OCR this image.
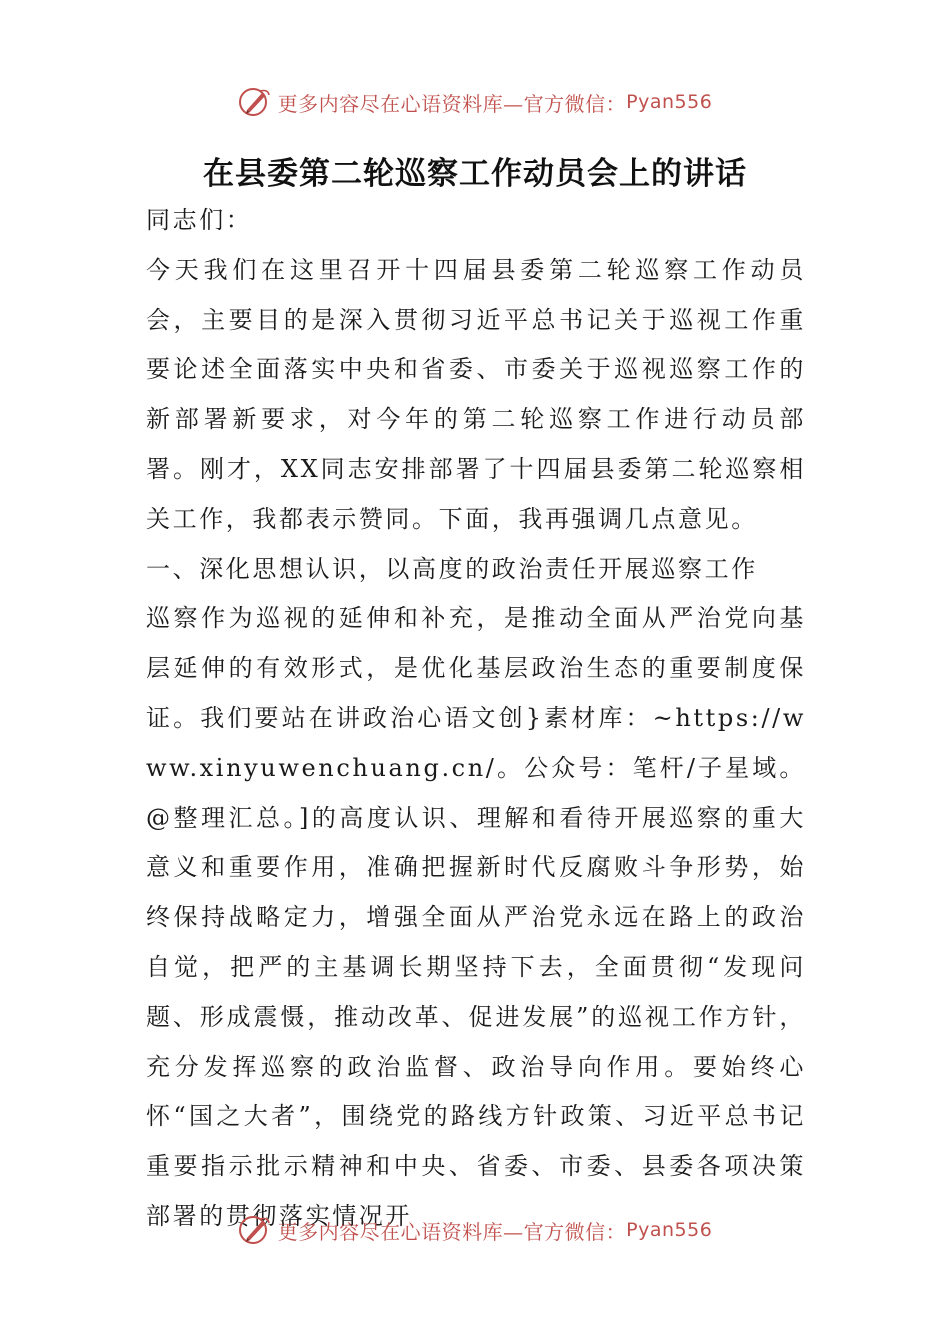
更多内容尽在心语资料库—官方微信： Pyan556
在县委第二轮巡察工作动员会上的讲话

同志们：

今天我们在这里召开十四届县委第二轮巡察工作动员会，主要目的是深入贯彻习近平总书记关于巡视工作重要论述全面落实中央和省委、市委关于巡视巡察工作的新部署新要求，对今年的第二轮巡察工作进行动员部署。刚才，XX同志安排部署了十四届县委第二轮巡察相关工作，我都表示赞同。下面，我再强调几点意见。

一、深化思想认识，以高度的政治责任开展巡察工作

巡察作为巡视的延伸和补充，是推动全面从严治党向基层延伸的有效形式，是优化基层政治生态的重要制度保证。我们要站在讲政治心语文创}素材库：~https://www.xinyuwenchuang.cn/。公众号：笔杆/子星域。@整理汇总。]的高度认识、理解和看待开展巡察的重大意义和重要作用，准确把握新时代反腐败斗争形势，始终保持战略定力，增强全面从严治党永远在路上的政治自觉，把严的主基调长期坚持下去，全面贯彻“发现问题、形成震慑，推动改革、促进发展”的巡视工作方针，充分发挥巡察的政治监督、政治导向作用。要始终心怀“国之大者”，围绕党的路线方针政策、习近平总书记重要指示批示精神和中央、省委、市委、县委各项决策部署的贯彻落实情况开

更多内容尽在心语资料库—官方微信： Pyan556
